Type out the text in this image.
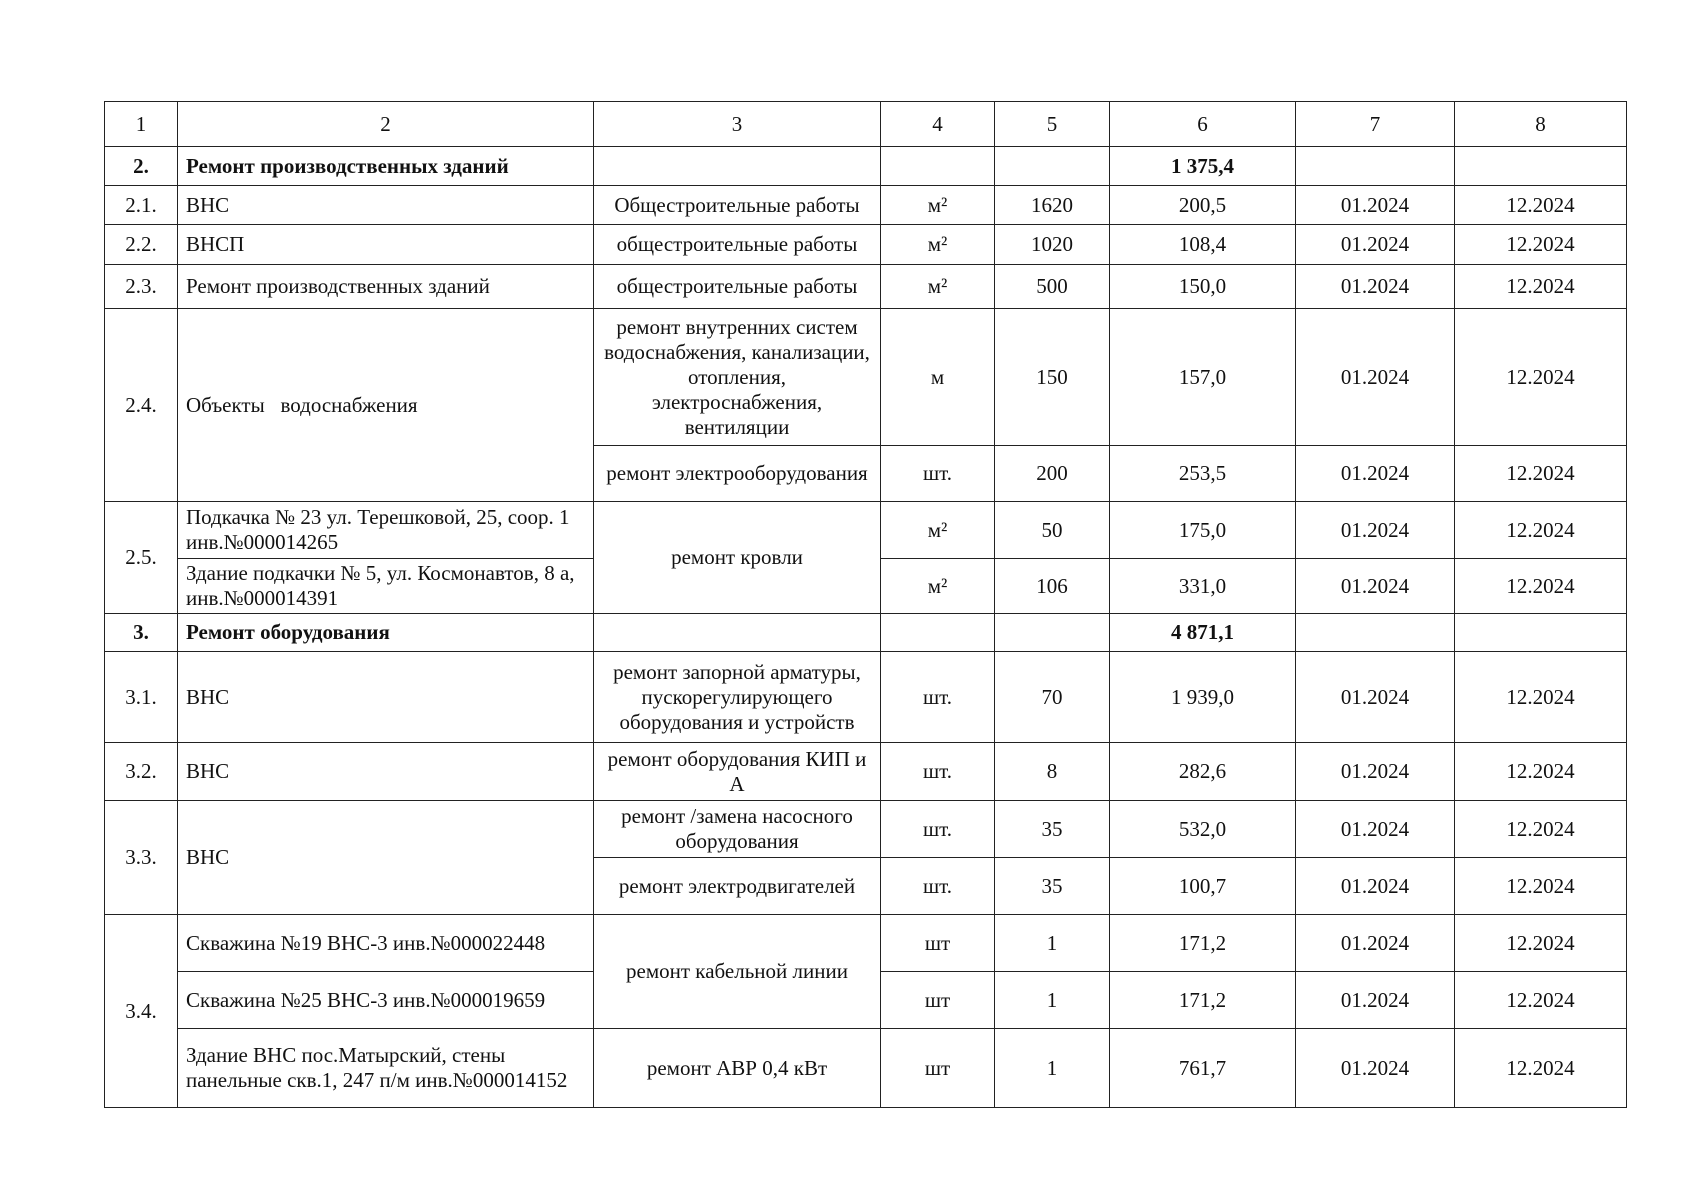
1	2	3	4	5	6	7	8
2.	Ремонт производственных зданий				1 375,4		
2.1.	ВНС	Общестроительные работы	м²	1620	200,5	01.2024	12.2024
2.2.	ВНСП	общестроительные работы	м²	1020	108,4	01.2024	12.2024
2.3.	Ремонт производственных зданий	общестроительные работы	м²	500	150,0	01.2024	12.2024
2.4.	Объекты   водоснабжения	ремонт внутренних систем водоснабжения, канализации, отопления, электроснабжения, вентиляции	м	150	157,0	01.2024	12.2024
		ремонт электрооборудования	шт.	200	253,5	01.2024	12.2024
2.5.	Подкачка № 23 ул. Терешковой, 25, соор. 1 инв.№000014265	ремонт кровли	м²	50	175,0	01.2024	12.2024
	Здание подкачки № 5, ул. Космонавтов, 8 а, инв.№000014391		м²	106	331,0	01.2024	12.2024
3.	Ремонт оборудования				4 871,1		
3.1.	ВНС	ремонт запорной арматуры, пускорегулирующего оборудования и устройств	шт.	70	1 939,0	01.2024	12.2024
3.2.	ВНС	ремонт оборудования КИП и А	шт.	8	282,6	01.2024	12.2024
3.3.	ВНС	ремонт /замена насосного оборудования	шт.	35	532,0	01.2024	12.2024
		ремонт электродвигателей	шт.	35	100,7	01.2024	12.2024
3.4.	Скважина №19 ВНС-3 инв.№000022448	ремонт кабельной линии	шт	1	171,2	01.2024	12.2024
	Скважина №25 ВНС-3 инв.№000019659		шт	1	171,2	01.2024	12.2024
	Здание ВНС пос.Матырский, стены панельные скв.1, 247 п/м инв.№000014152	ремонт АВР 0,4 кВт	шт	1	761,7	01.2024	12.2024
